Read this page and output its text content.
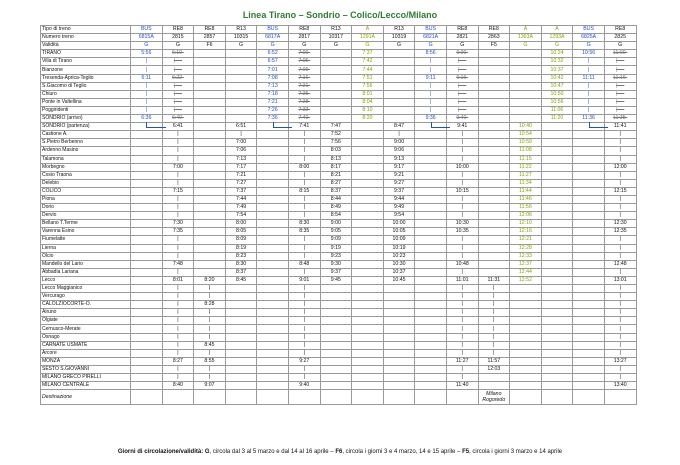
Linea Tirano – Sondrio – Colico/Lecco/Milano
Tipo di treno	BUS	RE8	RE8	R13	BUS	RE8	R13	A	R13	BUS	RE8	RE8	A	A	BUS	RE8
Numero treno	6815A	2815	2857	10315	6817A	2817	10317	1291A	10319	6821A	2821	2863	1363A	1293A	6825A	2825
Validità	G	G	F6	G	G	G	G	G	G	G	G	F5	G	G	G	G
TIRANO	5:56	6:10-			6:52	7:00-		7:37		8:56	9:00-			10:24	10:56	11:00-
Villa di Tirano	|	|----			6:57	7:05-		7:42		|	|----			10:32	|	|----
Bianzone	|	|----			7:01	7:09-		7:44		|	|----			10:37	|	|----
Tresenda-Aprica-Teglio	6:11	6:22-			7:08	7:16-		7:51		9:11	9:16-			10:42	11:11	11:16-
S.Giacomo di Teglio	|	|----			7:13	7:21-		7:56		|	|----			10:47	|	|----
Chiuro	|	|----			7:18	7:25-		8:01		|	|----			10:50	|	|----
Ponte in Valtellina	|	|----			7:21	7:28-		8:04		|	|----			10:56	|	|----
Poggiridenti	|	|----			7:26	7:33-		8:10		|	|----			11:06	|	|----
SONDRIO (arrivo)	6:36	6:40-			7:36	7:40-		8:20		9:36	9:40-			11:20	11:36	11:35-
SONDRIO (partenza)		6:41		6:51		7:41	7:47		8:47		9:41		10:40			11:41
Castione A.		|		|		|	7:52		|		|		10:54			|
S.Pietro Berbenno		|		7:00		|	7:56		9:00		|		10:59			|
Ardenno Masino		|		7:06		|	8:03		9:06		|		11:08			|
Talamona		|		7:13		|	8:13		9:13		|		11:15			|
Morbegno		7:00		7:17		8:00	8:17		9:17		10:00		11:22			12:00
Cosio Traona		|		7:21		|	8:21		9:21		|		11:27			|
Delebio		|		7:27		|	8:27		9:27		|		11:34			|
COLICO		7:15		7:37		8:15	8:37		9:37		10:15		11:44			12:15
Piona		|		7:44		|	8:44		9:44		|		11:46			|
Dorio		|		7:49		|	8:49		9:49		|		11:56			|
Dervio		|		7:54		|	8:54		9:54		|		12:06			|
Bellano T.Terme		7:30		8:00		8:30	9:00		10:00		10:30		12:10			12:30
Varenna Esino		7:35		8:05		8:35	9:05		10:05		10:35		12:16			12:35
Fiumelatte		|		8:09		|	9:09		10:09		|		12:21			|
Lierna		|		8:19		|	9:19		10:19		|		12:28			|
Olcio		|		8:23		|	9:23		10:23		|		12:33			|
Mandello del Lario		7:48		8:30		8:48	9:30		10:30		10:48		12:37			12:48
Abbadia Lariana		|		8:37		|	9:37		10:37		|		12:44			|
Lecco		8:01	8:20	8:45		9:01	9:45		10:45		11:01	11:31	12:52			13:01
Lecco Maggianico		|	|			|					|	|				|
Vercurago		|	|			|					|	|				|
CALOLZIOCORTE-O.		|	8:28			|					|	|				|
Airuno		|	|			|					|	|				|
Olgiate		|	|			|					|	|				|
Cernusco-Merate		|	|			|					|	|				|
Osnago		|	|			|					|	|				|
CARNATE USMATE		|	8:45			|					|	|				|
Arcore		|	|			|					|	|				|
MONZA		8:27	8:55			9:27					11:27	11:57				13:27
SESTO S.GIOVANNI		|	|			|					|	12:03				|
MILANO GRECO PIRELLI		|	|			|					|					|
MILANO CENTRALE		8:40	9:07			9:40					11:40					13:40
Destinazione												Milano Rogoredo				
Giorni di circolazione/validità: G, circola dal 3 al 5 marzo e dal 14 al 16 aprile – F6, circola i giorni 3 e 4 marzo, 14 e 15 aprile – F5, circola i giorni 3 marzo e 14 aprile
